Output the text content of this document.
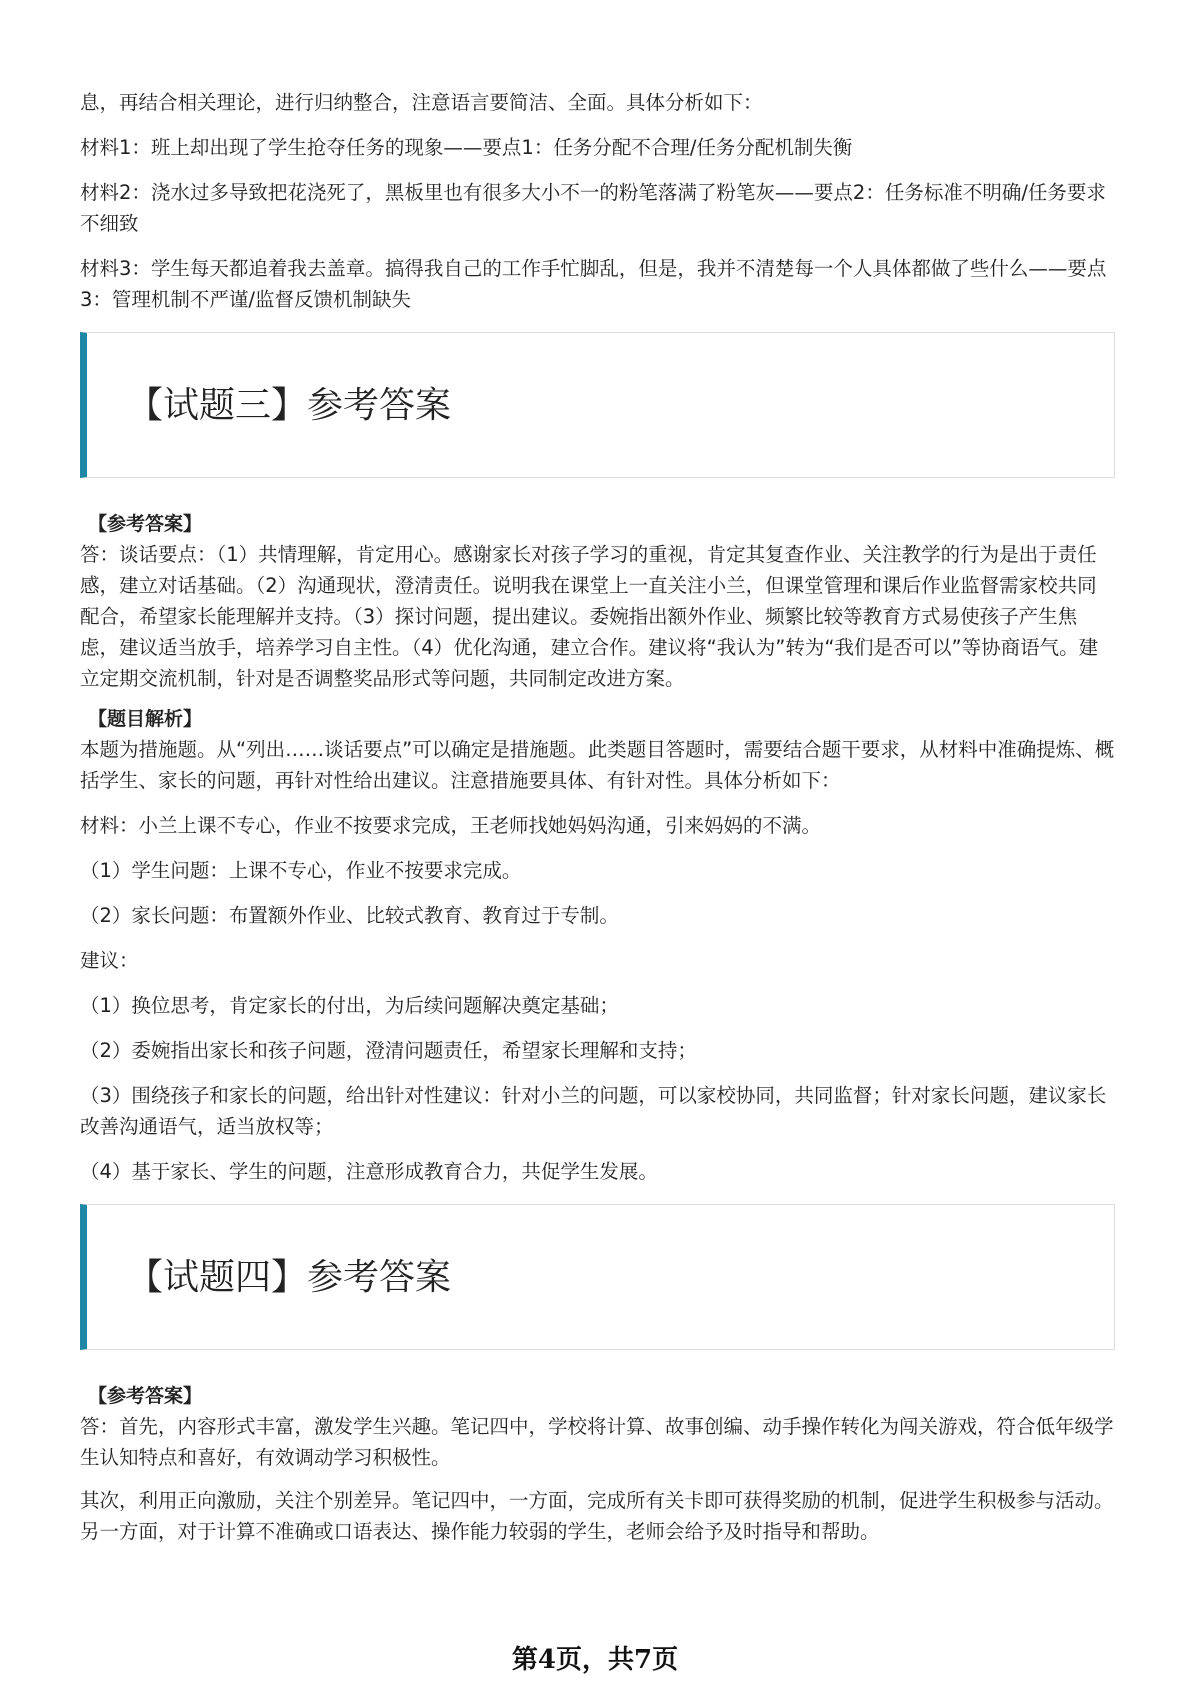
息，再结合相关理论，进行归纳整合，注意语言要简洁、全面。具体分析如下：

材料1：班上却出现了学生抢夺任务的现象——要点1：任务分配不合理/任务分配机制失衡

材料2：浇水过多导致把花浇死了，黑板里也有很多大小不一的粉笔落满了粉笔灰——要点2：任务标准不明确/任务要求不细致

材料3：学生每天都追着我去盖章。搞得我自己的工作手忙脚乱，但是，我并不清楚每一个人具体都做了些什么——要点3：管理机制不严谨/监督反馈机制缺失

【试题三】参考答案
【参考答案】

答：谈话要点：（1）共情理解，肯定用心。感谢家长对孩子学习的重视，肯定其复查作业、关注教学的行为是出于责任感，建立对话基础。（2）沟通现状，澄清责任。说明我在课堂上一直关注小兰，但课堂管理和课后作业监督需家校共同配合，希望家长能理解并支持。（3）探讨问题，提出建议。委婉指出额外作业、频繁比较等教育方式易使孩子产生焦虑，建议适当放手，培养学习自主性。（4）优化沟通，建立合作。建议将“我认为”转为“我们是否可以”等协商语气。建立定期交流机制，针对是否调整奖品形式等问题，共同制定改进方案。

【题目解析】

本题为措施题。从“列出……谈话要点”可以确定是措施题。此类题目答题时，需要结合题干要求，从材料中准确提炼、概括学生、家长的问题，再针对性给出建议。注意措施要具体、有针对性。具体分析如下：

材料：小兰上课不专心，作业不按要求完成，王老师找她妈妈沟通，引来妈妈的不满。

（1）学生问题：上课不专心，作业不按要求完成。

（2）家长问题：布置额外作业、比较式教育、教育过于专制。

建议：

（1）换位思考，肯定家长的付出，为后续问题解决奠定基础；

（2）委婉指出家长和孩子问题，澄清问题责任，希望家长理解和支持；

（3）围绕孩子和家长的问题，给出针对性建议：针对小兰的问题，可以家校协同，共同监督；针对家长问题，建议家长改善沟通语气，适当放权等；

（4）基于家长、学生的问题，注意形成教育合力，共促学生发展。

【试题四】参考答案
【参考答案】

答：首先，内容形式丰富，激发学生兴趣。笔记四中，学校将计算、故事创编、动手操作转化为闯关游戏，符合低年级学生认知特点和喜好，有效调动学习积极性。

其次，利用正向激励，关注个别差异。笔记四中，一方面，完成所有关卡即可获得奖励的机制，促进学生积极参与活动。另一方面，对于计算不准确或口语表达、操作能力较弱的学生，老师会给予及时指导和帮助。

第4页，共7页
